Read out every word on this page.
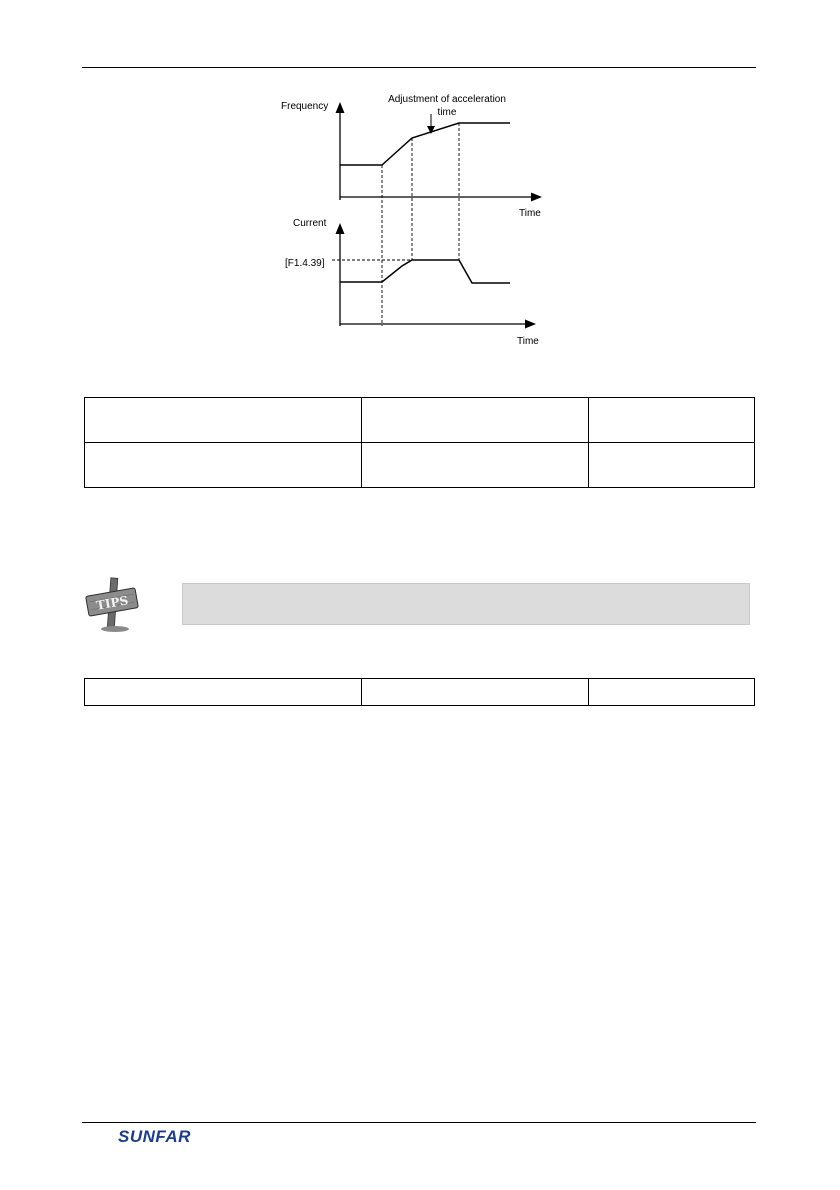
Frequency
Adjustment of acceleration
time
Time
Current
[F1.4.39]
Time

TIPS

SUNFAR
